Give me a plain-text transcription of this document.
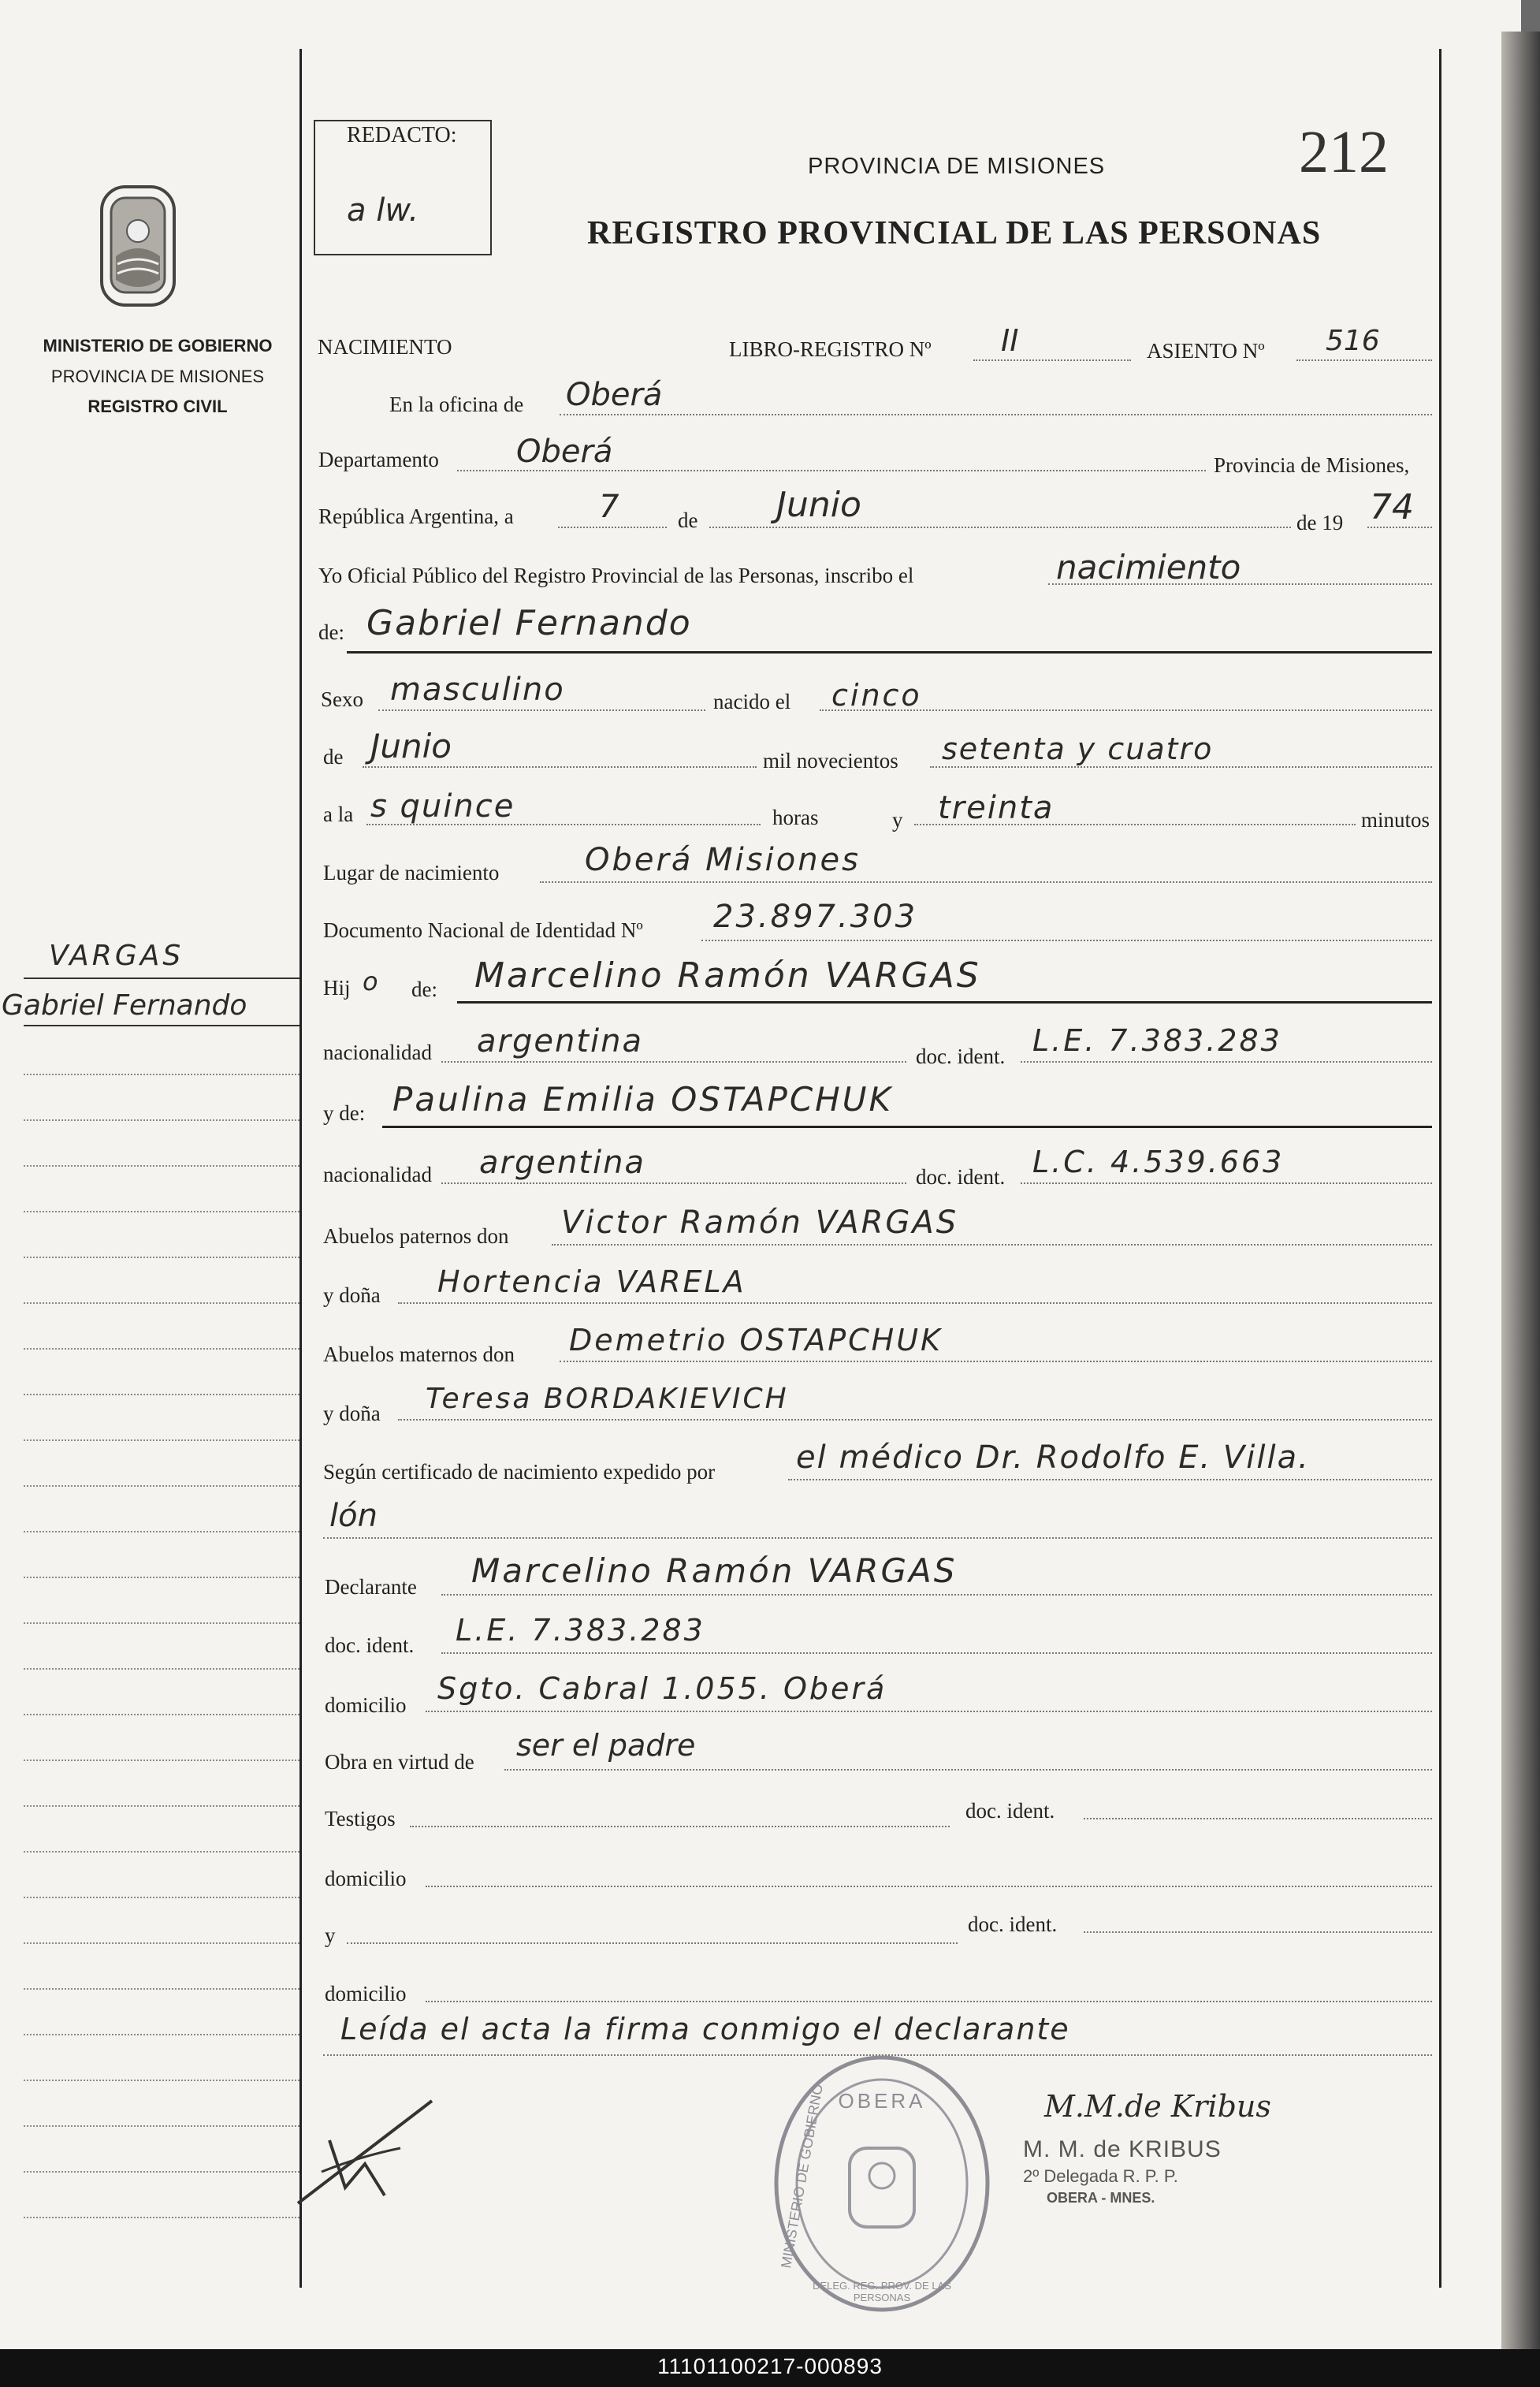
REDACTO:
a lw.
PROVINCIA DE MISIONES	212
REGISTRO PROVINCIAL DE LAS PERSONAS
MINISTERIO DE GOBIERNO
PROVINCIA DE MISIONES
REGISTRO CIVIL
VARGAS
Gabriel Fernando
NACIMIENTO	LIBRO-REGISTRO Nº II	ASIENTO Nº 516
En la oficina de Oberá
Departamento Oberá	Provincia de Misiones,
República Argentina, a	7	de Junio	de 19 74
Yo Oficial Público del Registro Provincial de las Personas, inscribo el	nacimiento
de: Gabriel Fernando
Sexo masculino	nacido el cinco
de Junio	mil novecientos setenta y cuatro
a la s quince	horas	y treinta	minutos
Lugar de nacimiento	Oberá Misiones
Documento Nacional de Identidad Nº 23.897.303
Hij o de: Marcelino Ramón VARGAS
nacionalidad argentina	doc. ident. L.E. 7.383.283
y de: Paulina Emilia OSTAPCHUK
nacionalidad argentina	doc. ident. L.C. 4.539.663
Abuelos paternos don Victor Ramón VARGAS
y doña Hortencia VARELA
Abuelos maternos don Demetrio OSTAPCHUK
y doña Teresa BORDAKIEVICH
Según certificado de nacimiento expedido por	el médico Dr. Rodolfo E. Villa.
lón
Declarante Marcelino Ramón VARGAS
doc. ident. L.E. 7.383.283
domicilio Sgto. Cabral 1.055. Oberá
Obra en virtud de ser el padre
Testigos	doc. ident.
domicilio
y	doc. ident.
domicilio
Leída el acta la firma conmigo el declarante
OBERA
MINISTERIO DE GOBIERNO
DELEG. REG. PROV. DE LAS PERSONAS
M.M.de Kribus
M. M. de KRIBUS
2º Delegada R. P. P.
OBERA - MNES.
11101100217-000893
